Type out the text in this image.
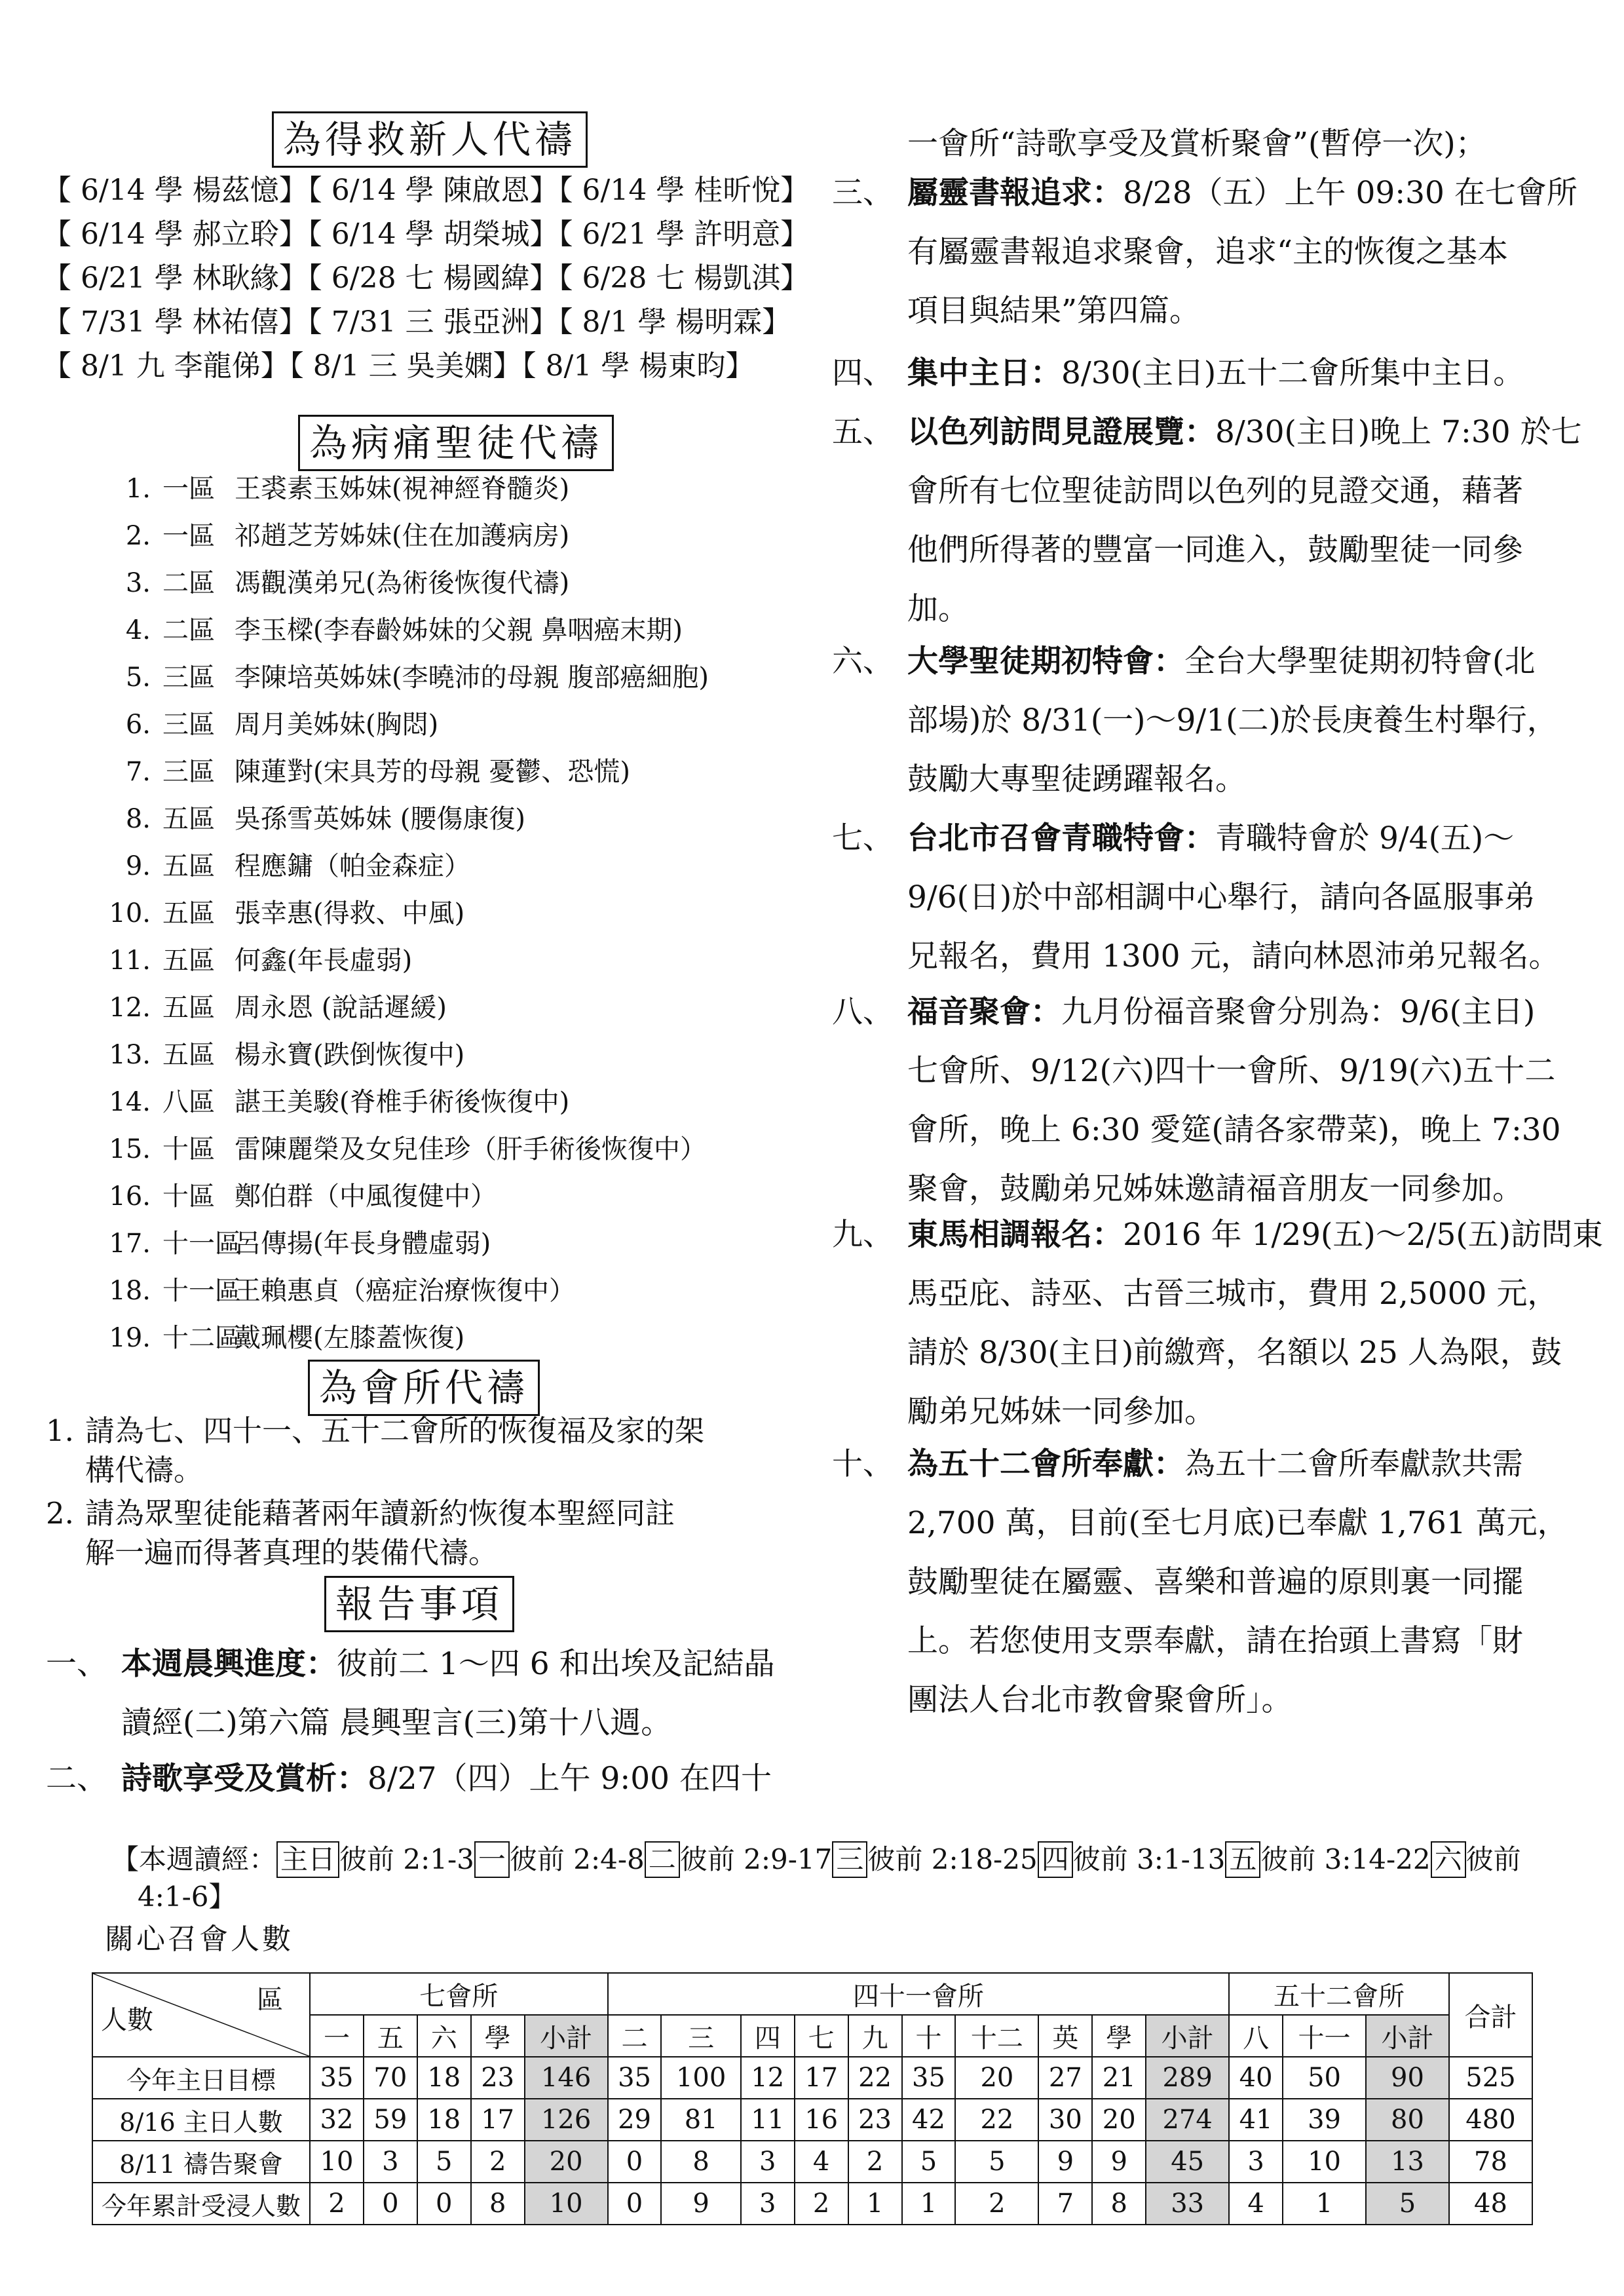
為得救新人代禱
【 6/14 學 楊茲憶】【 6/14 學 陳啟恩】【 6/14 學 桂昕悅】
【 6/14 學 郝立聆】【 6/14 學 胡榮城】【 6/21 學 許明意】
【 6/21 學 林耿緣】【 6/28 七 楊國緯】【 6/28 七 楊凱淇】
【 7/31 學 林祐僖】【 7/31 三 張亞洲】【 8/1 學 楊明霖】
【 8/1 九 李龍俤】【 8/1 三 吳美嫻】【 8/1 學 楊東昀】
為病痛聖徒代禱
1. 一區 王裘素玉姊妹(視神經脊髓炎)
2. 一區 祁趙芝芳姊妹(住在加護病房)
3. 二區 馮觀漢弟兄(為術後恢復代禱)
4. 二區 李玉樑(李春齡姊妹的父親 鼻咽癌末期)
5. 三區 李陳培英姊妹(李曉沛的母親 腹部癌細胞)
6. 三區 周月美姊妹(胸悶)
7. 三區 陳蓮對(宋具芳的母親 憂鬱、恐慌)
8. 五區 吳孫雪英姊妹 (腰傷康復)
9. 五區 程應鏞（帕金森症）
10. 五區 張幸惠(得救、中風)
11. 五區 何鑫(年長虛弱)
12. 五區 周永恩 (說話遲緩)
13. 五區 楊永寶(跌倒恢復中)
14. 八區 諶王美駿(脊椎手術後恢復中)
15. 十區 雷陳麗榮及女兒佳珍（肝手術後恢復中）
16. 十區 鄭伯群（中風復健中）
17. 十一區呂傳揚(年長身體虛弱)
18. 十一區王賴惠貞（癌症治療恢復中）
19. 十二區戴珮櫻(左膝蓋恢復)
為會所代禱
1. 請為七、四十一、五十二會所的恢復福及家的架
構代禱。
2. 請為眾聖徒能藉著兩年讀新約恢復本聖經同註
解一遍而得著真理的裝備代禱。
報告事項
一、 本週晨興進度：彼前二 1～四 6 和出埃及記結晶
讀經(二)第六篇 晨興聖言(三)第十八週。
二、 詩歌享受及賞析：8/27（四）上午 9:00 在四十
一會所“詩歌享受及賞析聚會”(暫停一次)；
三、 屬靈書報追求：8/28（五）上午 09:30 在七會所
有屬靈書報追求聚會，追求“主的恢復之基本
項目與結果”第四篇。
四、 集中主日：8/30(主日)五十二會所集中主日。
五、 以色列訪問見證展覽：8/30(主日)晚上 7:30 於七
會所有七位聖徒訪問以色列的見證交通，藉著
他們所得著的豐富一同進入，鼓勵聖徒一同參
加。
六、 大學聖徒期初特會：全台大學聖徒期初特會(北
部場)於 8/31(一)～9/1(二)於長庚養生村舉行，
鼓勵大專聖徒踴躍報名。
七、 台北市召會青職特會：青職特會於 9/4(五)～
9/6(日)於中部相調中心舉行，請向各區服事弟
兄報名，費用 1300 元，請向林恩沛弟兄報名。
八、 福音聚會：九月份福音聚會分別為：9/6(主日)
七會所、9/12(六)四十一會所、9/19(六)五十二
會所，晚上 6:30 愛筵(請各家帶菜)，晚上 7:30
聚會，鼓勵弟兄姊妹邀請福音朋友一同參加。
九、 東馬相調報名：2016 年 1/29(五)～2/5(五)訪問東
馬亞庇、詩巫、古晉三城市，費用 2,5000 元，
請於 8/30(主日)前繳齊，名額以 25 人為限，鼓
勵弟兄姊妹一同參加。
十、 為五十二會所奉獻：為五十二會所奉獻款共需
2,700 萬，目前(至七月底)已奉獻 1,761 萬元，
鼓勵聖徒在屬靈、喜樂和普遍的原則裏一同擺
上。若您使用支票奉獻，請在抬頭上書寫「財
團法人台北市教會聚會所」。
【本週讀經： 主日 彼前 2:1-3 一 彼前 2:4-8 二 彼前 2:9-17 三 彼前 2:18-25 四 彼前 3:1-13 五 彼前 3:14-22 六 彼前
4:1-6】
關心召會人數
區
人數	七會所					四十一會所										五十二會所			合計
	一	五	六	學	小計	二	三	四	七	九	十	十二	英	學	小計	八	十一	小計	
今年主日目標	35	70	18	23	146	35	100	12	17	22	35	20	27	21	289	40	50	90	525
8/16 主日人數	32	59	18	17	126	29	81	11	16	23	42	22	30	20	274	41	39	80	480
8/11 禱告聚會	10	3	5	2	20	0	8	3	4	2	5	5	9	9	45	3	10	13	78
今年累計受浸人數	2	0	0	8	10	0	9	3	2	1	1	2	7	8	33	4	1	5	48
